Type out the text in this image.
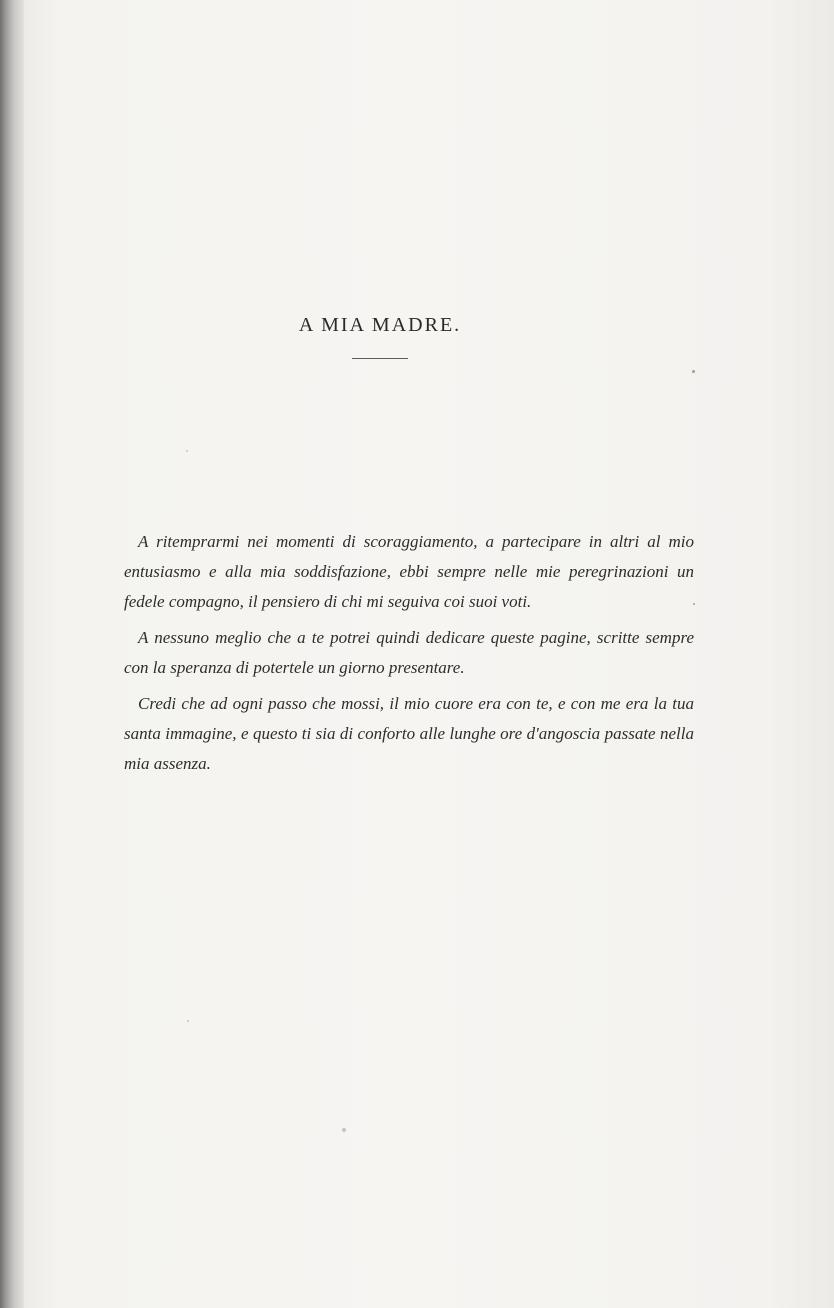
A MIA MADRE.

A ritemprarmi nei momenti di scoraggiamento, a partecipare in altri al mio entusiasmo e alla mia soddisfazione, ebbi sempre nelle mie peregrinazioni un fedele compagno, il pensiero di chi mi seguiva coi suoi voti.

A nessuno meglio che a te potrei quindi dedicare queste pagine, scritte sempre con la speranza di potertele un giorno presentare.

Credi che ad ogni passo che mossi, il mio cuore era con te, e con me era la tua santa immagine, e questo ti sia di conforto alle lunghe ore d'angoscia passate nella mia assenza.
